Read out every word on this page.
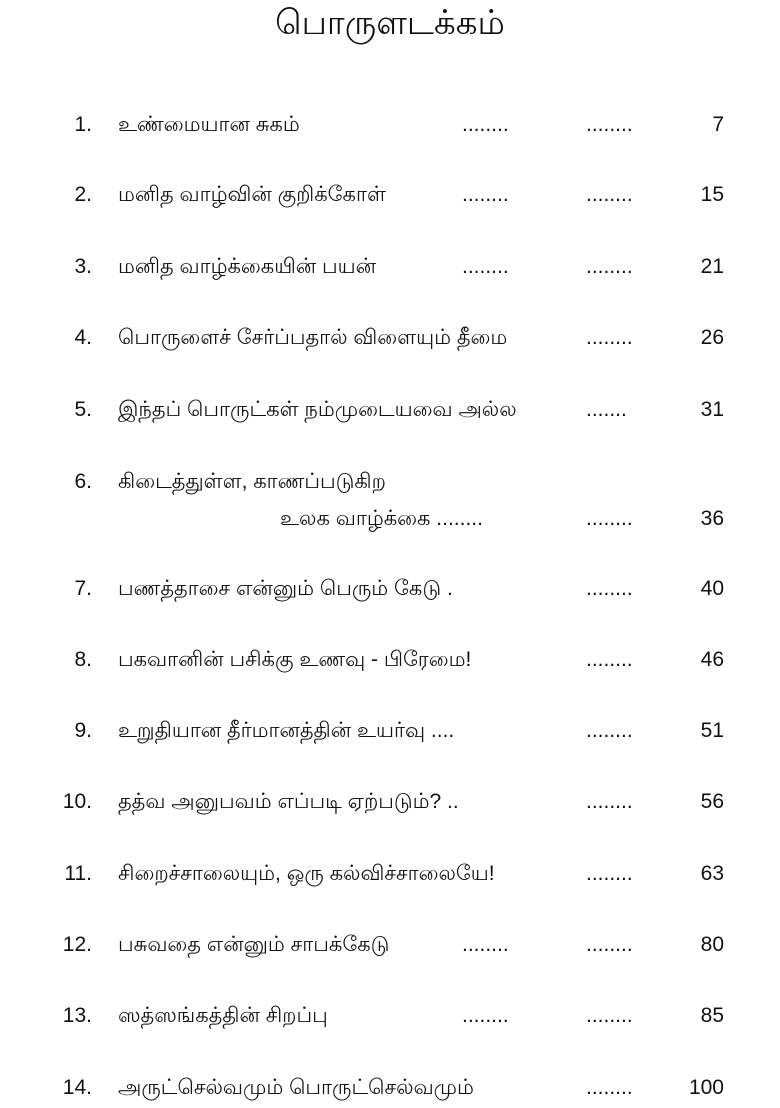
பொருளடக்கம்
1. உண்மையான சுகம்	........	........	7
2. மனித வாழ்வின் குறிக்கோள்	........	........	15
3. மனித வாழ்க்கையின் பயன்	........	........	21
4. பொருளைச் சேர்ப்பதால் விளையும் தீமை	........	26
5. இந்தப் பொருட்கள் நம்முடையவை அல்ல	.......	31
6. கிடைத்துள்ள, காணப்படுகிற
உலக வாழ்க்கை ........	........	36
7. பணத்தாசை என்னும் பெரும் கேடு .	........	40
8. பகவானின் பசிக்கு உணவு - பிரேமை!	........	46
9. உறுதியான தீர்மானத்தின் உயர்வு ....	........	51
10. தத்வ அனுபவம் எப்படி ஏற்படும்? ..	........	56
11. சிறைச்சாலையும், ஒரு கல்விச்சாலையே!	........	63
12. பசுவதை என்னும் சாபக்கேடு	........	........	80
13. ஸத்ஸங்கத்தின் சிறப்பு	........	........	85
14. அருட்செல்வமும் பொருட்செல்வமும்	........	100
